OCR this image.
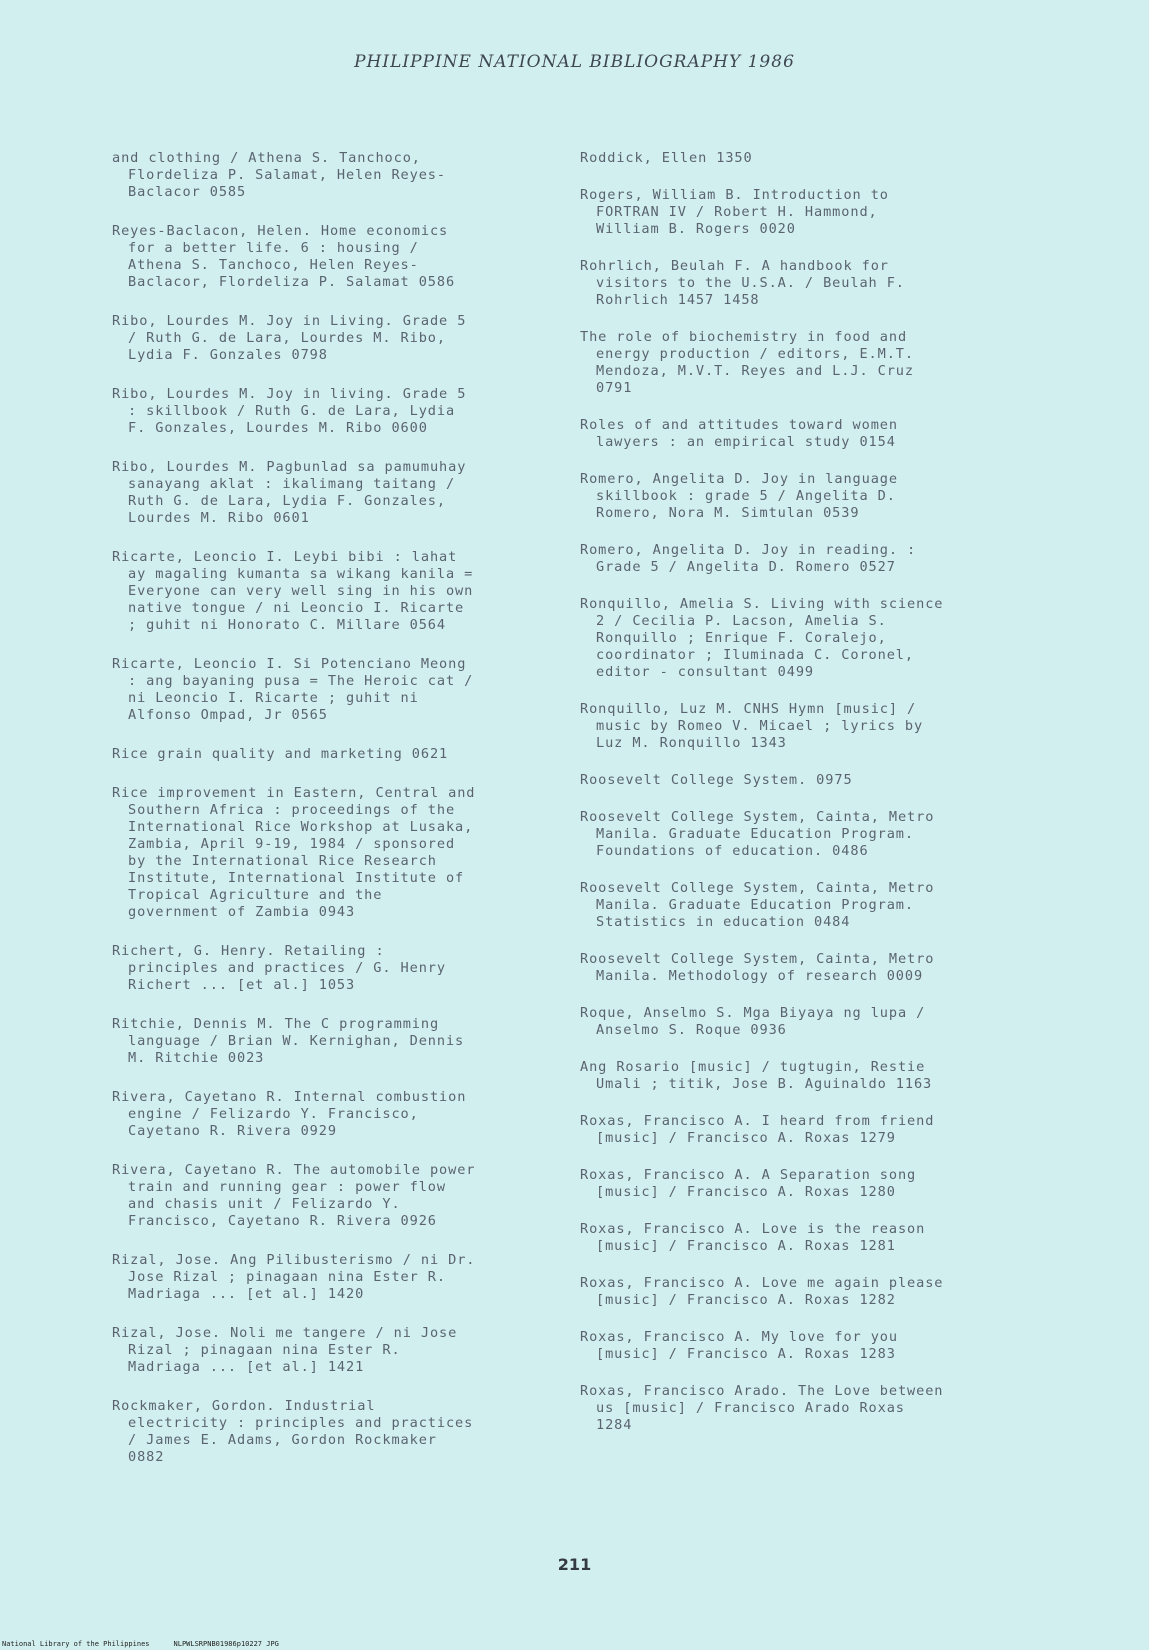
PHILIPPINE NATIONAL BIBLIOGRAPHY 1986
and clothing / Athena S. Tanchoco,
Flordeliza P. Salamat, Helen Reyes-
Baclacor 0585
Reyes-Baclacon, Helen. Home economics
for a better life. 6 : housing /
Athena S. Tanchoco, Helen Reyes-
Baclacor, Flordeliza P. Salamat 0586
Ribo, Lourdes M. Joy in Living. Grade 5
/ Ruth G. de Lara, Lourdes M. Ribo,
Lydia F. Gonzales 0798
Ribo, Lourdes M. Joy in living. Grade 5
: skillbook / Ruth G. de Lara, Lydia
F. Gonzales, Lourdes M. Ribo 0600
Ribo, Lourdes M. Pagbunlad sa pamumuhay
sanayang aklat : ikalimang taitang /
Ruth G. de Lara, Lydia F. Gonzales,
Lourdes M. Ribo 0601
Ricarte, Leoncio I. Leybi bibi : lahat
ay magaling kumanta sa wikang kanila =
Everyone can very well sing in his own
native tongue / ni Leoncio I. Ricarte
; guhit ni Honorato C. Millare 0564
Ricarte, Leoncio I. Si Potenciano Meong
: ang bayaning pusa = The Heroic cat /
ni Leoncio I. Ricarte ; guhit ni
Alfonso Ompad, Jr 0565
Rice grain quality and marketing 0621
Rice improvement in Eastern, Central and
Southern Africa : proceedings of the
International Rice Workshop at Lusaka,
Zambia, April 9-19, 1984 / sponsored
by the International Rice Research
Institute, International Institute of
Tropical Agriculture and the
government of Zambia 0943
Richert, G. Henry. Retailing :
principles and practices / G. Henry
Richert ... [et al.] 1053
Ritchie, Dennis M. The C programming
language / Brian W. Kernighan, Dennis
M. Ritchie 0023
Rivera, Cayetano R. Internal combustion
engine / Felizardo Y. Francisco,
Cayetano R. Rivera 0929
Rivera, Cayetano R. The automobile power
train and running gear : power flow
and chasis unit / Felizardo Y.
Francisco, Cayetano R. Rivera 0926
Rizal, Jose. Ang Pilibusterismo / ni Dr.
Jose Rizal ; pinagaan nina Ester R.
Madriaga ... [et al.] 1420
Rizal, Jose. Noli me tangere / ni Jose
Rizal ; pinagaan nina Ester R.
Madriaga ... [et al.] 1421
Rockmaker, Gordon. Industrial
electricity : principles and practices
/ James E. Adams, Gordon Rockmaker
0882
Roddick, Ellen 1350
Rogers, William B. Introduction to
FORTRAN IV / Robert H. Hammond,
William B. Rogers 0020
Rohrlich, Beulah F. A handbook for
visitors to the U.S.A. / Beulah F.
Rohrlich 1457 1458
The role of biochemistry in food and
energy production / editors, E.M.T.
Mendoza, M.V.T. Reyes and L.J. Cruz
0791
Roles of and attitudes toward women
lawyers : an empirical study 0154
Romero, Angelita D. Joy in language
skillbook : grade 5 / Angelita D.
Romero, Nora M. Simtulan 0539
Romero, Angelita D. Joy in reading. :
Grade 5 / Angelita D. Romero 0527
Ronquillo, Amelia S. Living with science
2 / Cecilia P. Lacson, Amelia S.
Ronquillo ; Enrique F. Coralejo,
coordinator ; Iluminada C. Coronel,
editor - consultant 0499
Ronquillo, Luz M. CNHS Hymn [music] /
music by Romeo V. Micael ; lyrics by
Luz M. Ronquillo 1343
Roosevelt College System. 0975
Roosevelt College System, Cainta, Metro
Manila. Graduate Education Program.
Foundations of education. 0486
Roosevelt College System, Cainta, Metro
Manila. Graduate Education Program.
Statistics in education 0484
Roosevelt College System, Cainta, Metro
Manila. Methodology of research 0009
Roque, Anselmo S. Mga Biyaya ng lupa /
Anselmo S. Roque 0936
Ang Rosario [music] / tugtugin, Restie
Umali ; titik, Jose B. Aguinaldo 1163
Roxas, Francisco A. I heard from friend
[music] / Francisco A. Roxas 1279
Roxas, Francisco A. A Separation song
[music] / Francisco A. Roxas 1280
Roxas, Francisco A. Love is the reason
[music] / Francisco A. Roxas 1281
Roxas, Francisco A. Love me again please
[music] / Francisco A. Roxas 1282
Roxas, Francisco A. My love for you
[music] / Francisco A. Roxas 1283
Roxas, Francisco Arado. The Love between
us [music] / Francisco Arado Roxas
1284
211
National Library of the Philippines	NLPWLSRPNB01986p10227 JPG
